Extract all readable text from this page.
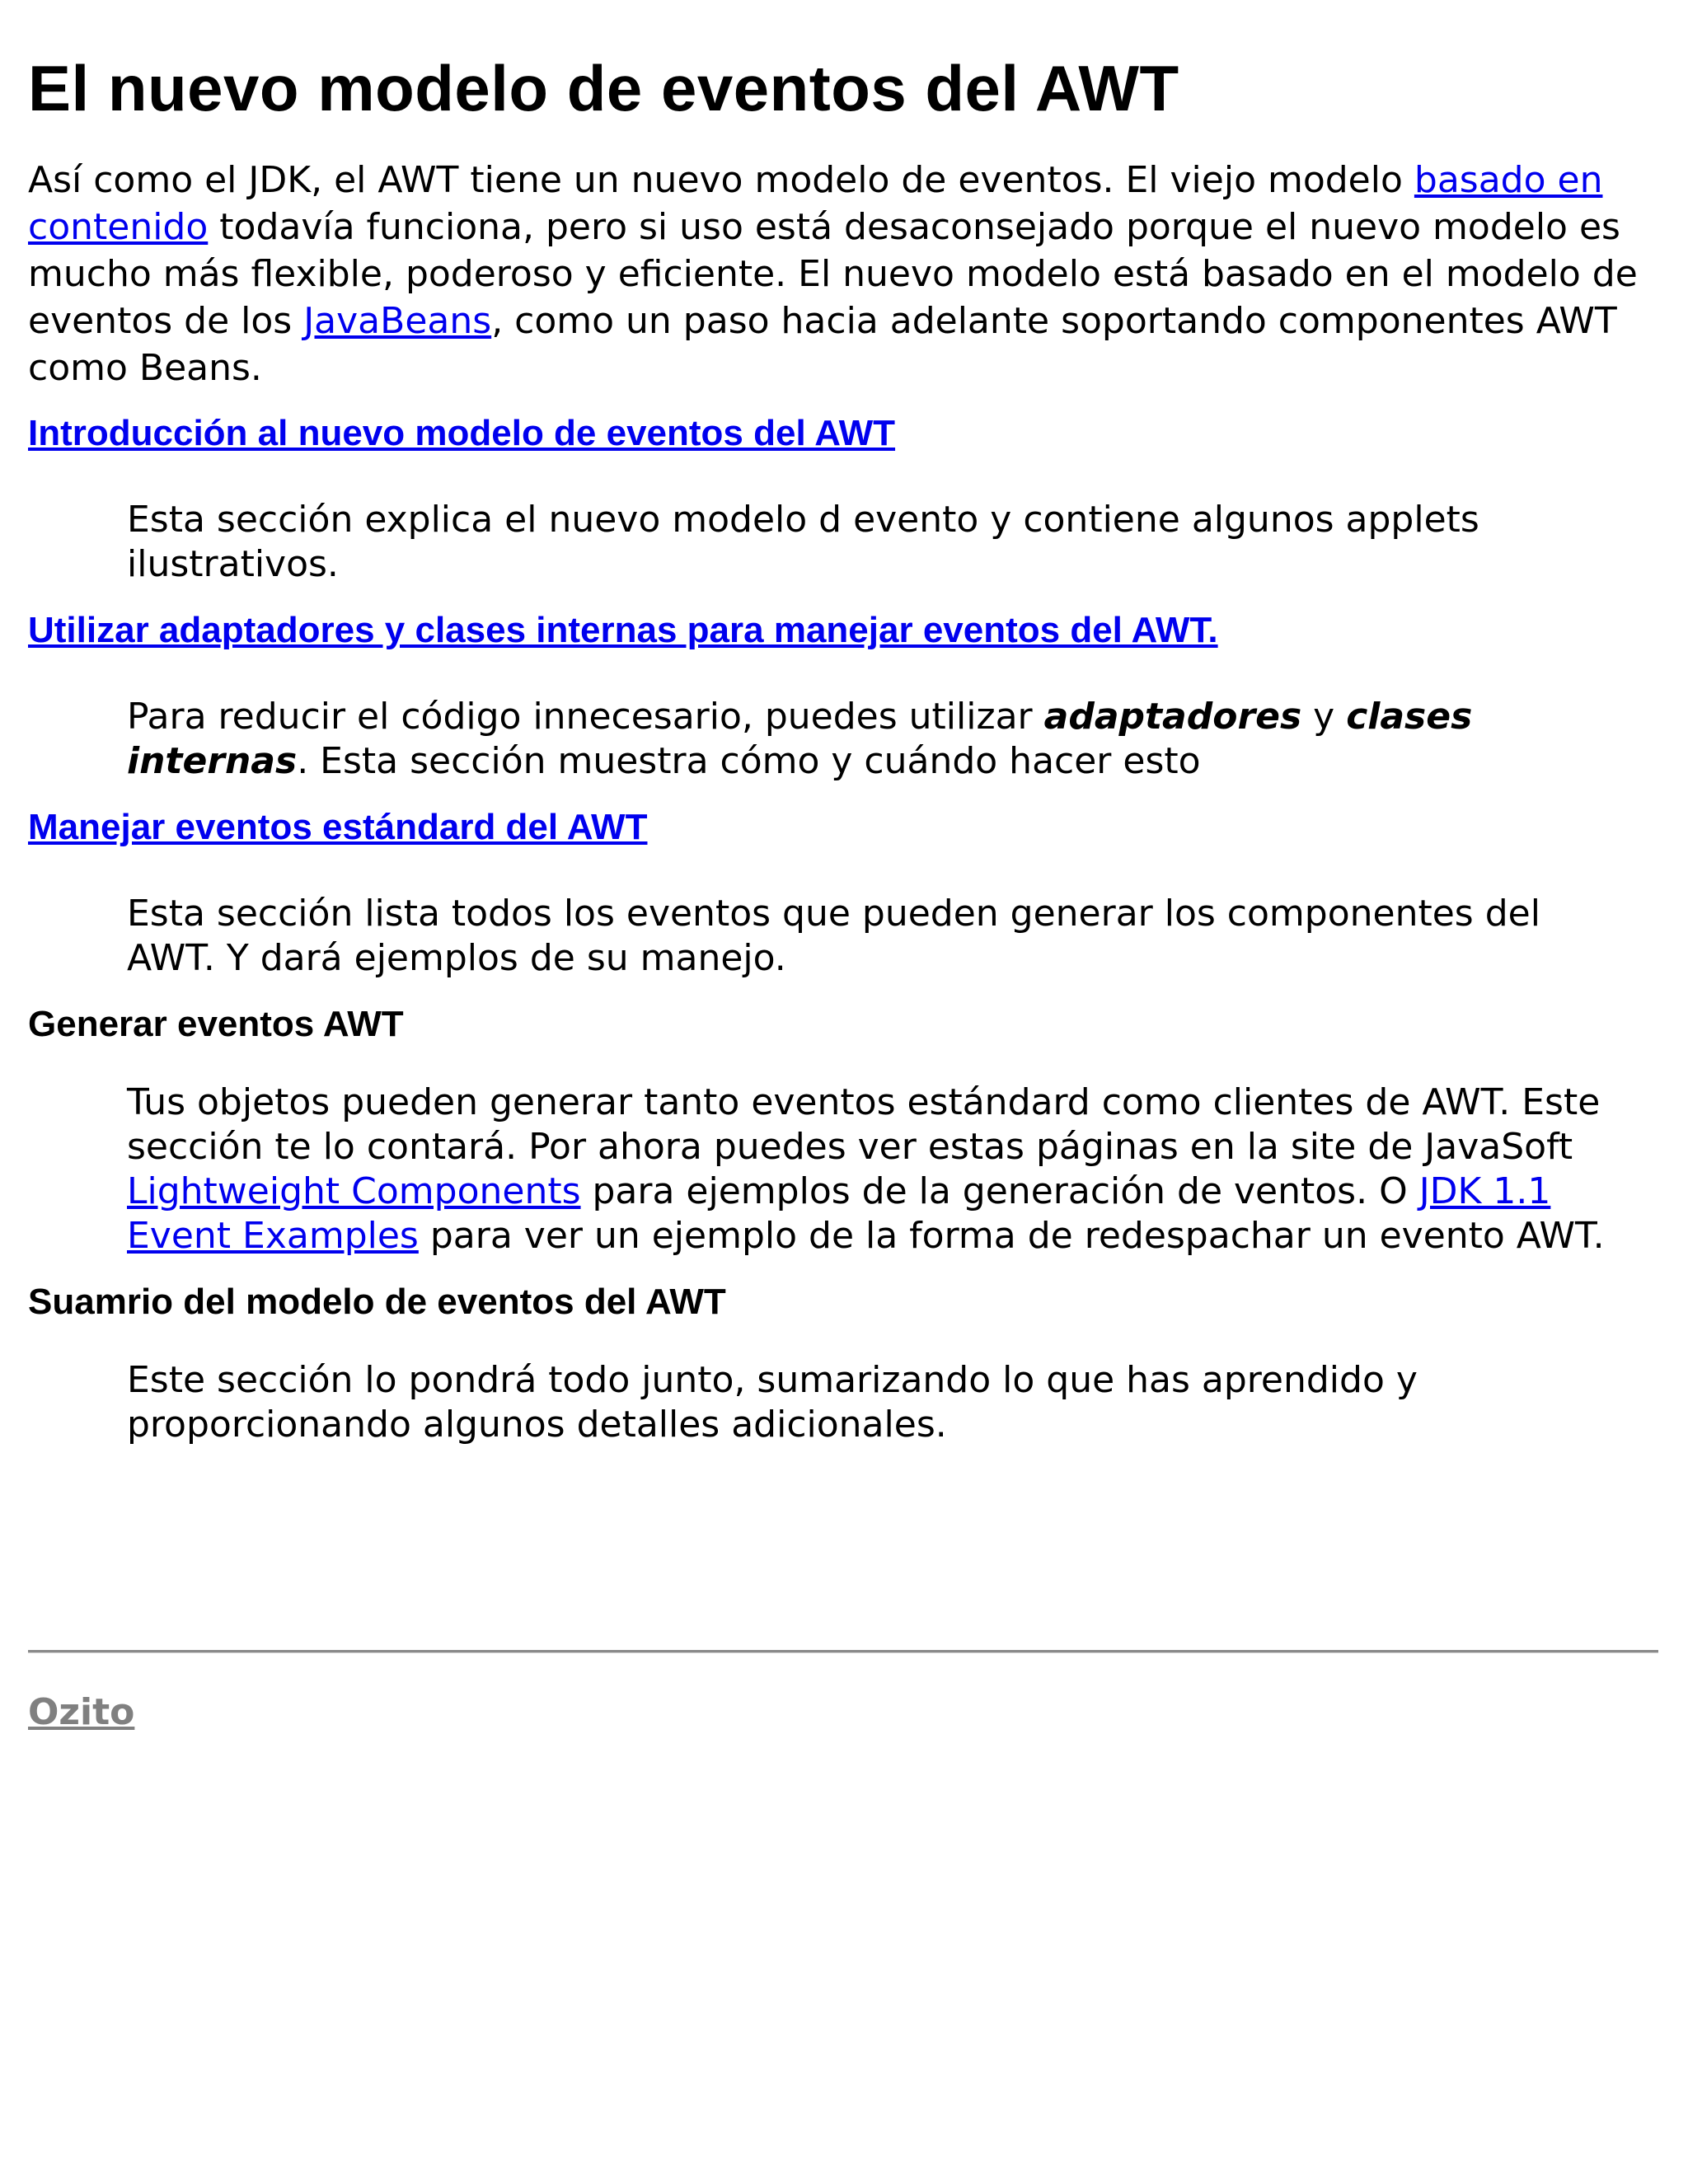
El nuevo modelo de eventos del AWT

Así como el JDK, el AWT tiene un nuevo modelo de eventos. El viejo modelo basado en contenido todavía funciona, pero si uso está desaconsejado porque el nuevo modelo es mucho más flexible, poderoso y eficiente. El nuevo modelo está basado en el modelo de eventos de los JavaBeans, como un paso hacia adelante soportando componentes AWT como Beans.

Introducción al nuevo modelo de eventos del AWT

Esta sección explica el nuevo modelo d evento y contiene algunos applets ilustrativos.

Utilizar adaptadores y clases internas para manejar eventos del AWT.

Para reducir el código innecesario, puedes utilizar adaptadores y clases internas. Esta sección muestra cómo y cuándo hacer esto

Manejar eventos estándard del AWT

Esta sección lista todos los eventos que pueden generar los componentes del AWT. Y dará ejemplos de su manejo.

Generar eventos AWT

Tus objetos pueden generar tanto eventos estándard como clientes de AWT. Este sección te lo contará. Por ahora puedes ver estas páginas en la site de JavaSoft Lightweight Components para ejemplos de la generación de ventos. O JDK 1.1 Event Examples para ver un ejemplo de la forma de redespachar un evento AWT.

Suamrio del modelo de eventos del AWT

Este sección lo pondrá todo junto, sumarizando lo que has aprendido y proporcionando algunos detalles adicionales.

Ozito
